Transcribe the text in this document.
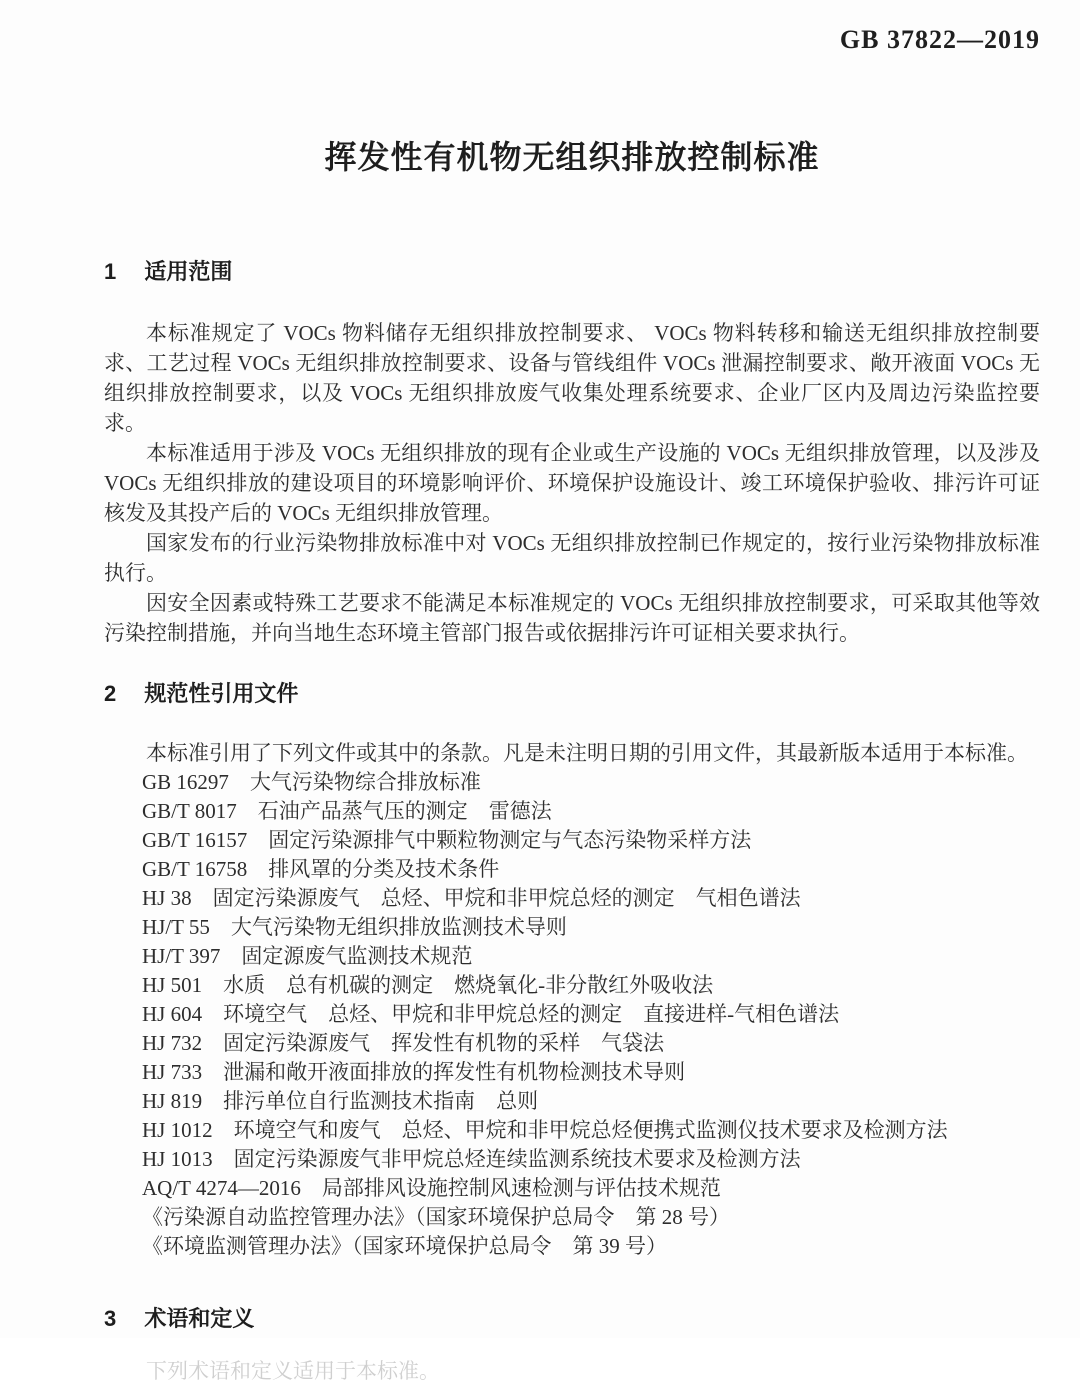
GB 37822—2019
挥发性有机物无组织排放控制标准
1 适用范围

本标准规定了 VOCs 物料储存无组织排放控制要求、 VOCs 物料转移和输送无组织排放控制要求、工艺过程 VOCs 无组织排放控制要求、设备与管线组件 VOCs 泄漏控制要求、敞开液面 VOCs 无组织排放控制要求，以及 VOCs 无组织排放废气收集处理系统要求、企业厂区内及周边污染监控要求。

本标准适用于涉及 VOCs 无组织排放的现有企业或生产设施的 VOCs 无组织排放管理，以及涉及 VOCs 无组织排放的建设项目的环境影响评价、环境保护设施设计、竣工环境保护验收、排污许可证核发及其投产后的 VOCs 无组织排放管理。

国家发布的行业污染物排放标准中对 VOCs 无组织排放控制已作规定的，按行业污染物排放标准执行。

因安全因素或特殊工艺要求不能满足本标准规定的 VOCs 无组织排放控制要求，可采取其他等效污染控制措施，并向当地生态环境主管部门报告或依据排污许可证相关要求执行。

2 规范性引用文件

本标准引用了下列文件或其中的条款。凡是未注明日期的引用文件，其最新版本适用于本标准。

GB 16297　大气污染物综合排放标准
GB/T 8017　石油产品蒸气压的测定　雷德法
GB/T 16157　固定污染源排气中颗粒物测定与气态污染物采样方法
GB/T 16758　排风罩的分类及技术条件
HJ 38　固定污染源废气　总烃、甲烷和非甲烷总烃的测定　气相色谱法
HJ/T 55　大气污染物无组织排放监测技术导则
HJ/T 397　固定源废气监测技术规范
HJ 501　水质　总有机碳的测定　燃烧氧化-非分散红外吸收法
HJ 604　环境空气　总烃、甲烷和非甲烷总烃的测定　直接进样-气相色谱法
HJ 732　固定污染源废气　挥发性有机物的采样　气袋法
HJ 733　泄漏和敞开液面排放的挥发性有机物检测技术导则
HJ 819　排污单位自行监测技术指南　总则
HJ 1012　环境空气和废气　总烃、甲烷和非甲烷总烃便携式监测仪技术要求及检测方法
HJ 1013　固定污染源废气非甲烷总烃连续监测系统技术要求及检测方法
AQ/T 4274—2016　局部排风设施控制风速检测与评估技术规范
《污染源自动监控管理办法》（国家环境保护总局令　第 28 号）
《环境监测管理办法》（国家环境保护总局令　第 39 号）
3 术语和定义

下列术语和定义适用于本标准。
